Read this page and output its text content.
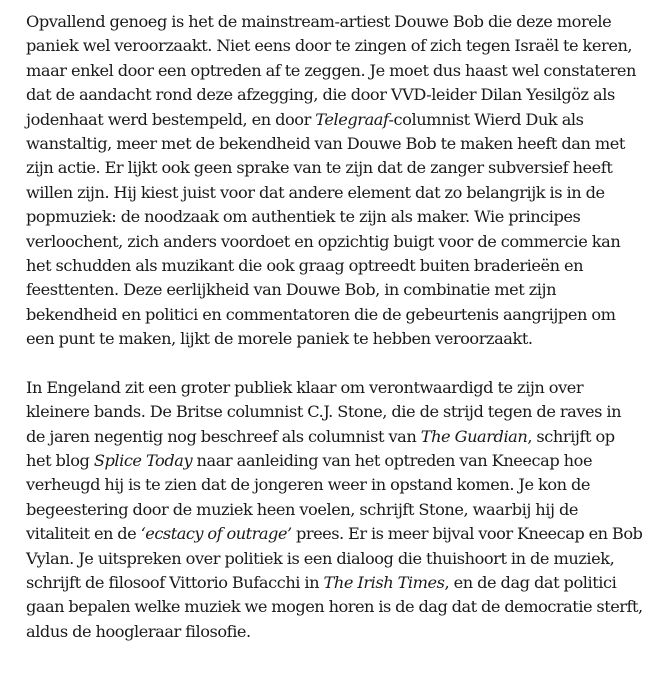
Opvallend genoeg is het de mainstream-artiest Douwe Bob die deze morele
paniek wel veroorzaakt. Niet eens door te zingen of zich tegen Israël te keren,
maar enkel door een optreden af te zeggen. Je moet dus haast wel constateren
dat de aandacht rond deze afzegging, die door VVD-leider Dilan Yesilgöz als
jodenhaat werd bestempeld, en door Telegraaf-columnist Wierd Duk als
wanstaltig, meer met de bekendheid van Douwe Bob te maken heeft dan met
zijn actie. Er lijkt ook geen sprake van te zijn dat de zanger subversief heeft
willen zijn. Hij kiest juist voor dat andere element dat zo belangrijk is in de
popmuziek: de noodzaak om authentiek te zijn als maker. Wie principes
verloochent, zich anders voordoet en opzichtig buigt voor de commercie kan
het schudden als muzikant die ook graag optreedt buiten braderieën en
feesttenten. Deze eerlijkheid van Douwe Bob, in combinatie met zijn
bekendheid en politici en commentatoren die de gebeurtenis aangrijpen om
een punt te maken, lijkt de morele paniek te hebben veroorzaakt.

In Engeland zit een groter publiek klaar om verontwaardigd te zijn over
kleinere bands. De Britse columnist C.J. Stone, die de strijd tegen de raves in
de jaren negentig nog beschreef als columnist van The Guardian, schrijft op
het blog Splice Today naar aanleiding van het optreden van Kneecap hoe
verheugd hij is te zien dat de jongeren weer in opstand komen. Je kon de
begeestering door de muziek heen voelen, schrijft Stone, waarbij hij de
vitaliteit en de ‘ecstacy of outrage’ prees. Er is meer bijval voor Kneecap en Bob
Vylan. Je uitspreken over politiek is een dialoog die thuishoort in de muziek,
schrijft de filosoof Vittorio Bufacchi in The Irish Times, en de dag dat politici
gaan bepalen welke muziek we mogen horen is de dag dat de democratie sterft,
aldus de hoogleraar filosofie.
